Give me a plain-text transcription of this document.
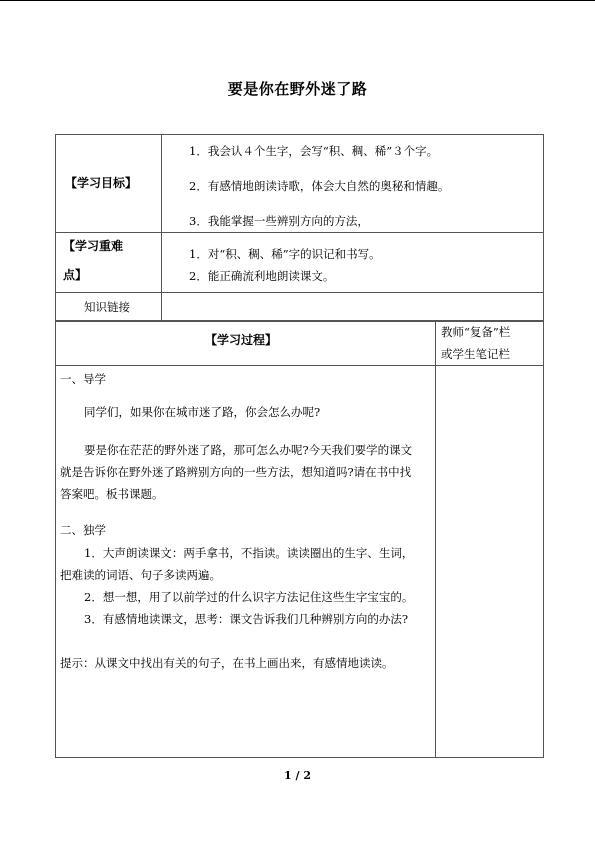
要是你在野外迷了路
【学习目标】
1．我会认４个生字，会写“积、稠、稀”３个字。
2．有感情地朗读诗歌，体会大自然的奥秘和情趣。
3．我能掌握一些辨别方向的方法，
【学习重难
点】
1．对“积、稠、稀”字的识记和书写。
2．能正确流利地朗读课文。
知识链接
【学习过程】
教师“复备”栏
或学生笔记栏
一、导学
同学们，如果你在城市迷了路，你会怎么办呢?
要是你在茫茫的野外迷了路，那可怎么办呢?今天我们要学的课文
就是告诉你在野外迷了路辨别方向的一些方法，想知道吗?请在书中找
答案吧。板书课题。
二、独学
1．大声朗读课文：两手拿书，不指读。读读圈出的生字、生词，
把难读的词语、句子多读两遍。
2．想一想，用了以前学过的什么识字方法记住这些生字宝宝的。
3．有感情地读课文，思考：课文告诉我们几种辨别方向的办法?
提示：从课文中找出有关的句子，在书上画出来，有感情地读读。
1 / 2
